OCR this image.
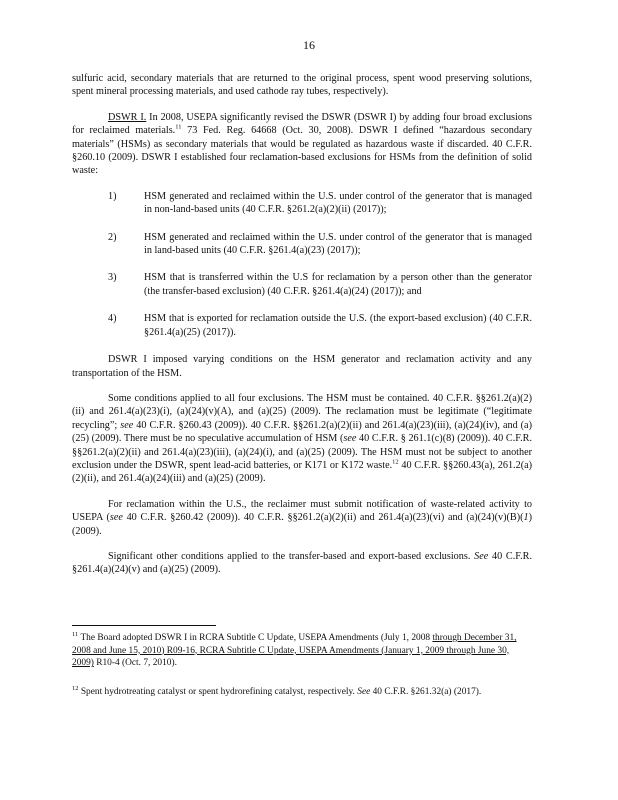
16

sulfuric acid, secondary materials that are returned to the original process, spent wood preserving solutions, spent mineral processing materials, and used cathode ray tubes, respectively).

DSWR I. In 2008, USEPA significantly revised the DSWR (DSWR I) by adding four broad exclusions for reclaimed materials.$^{11}$ 73 Fed. Reg. 64668 (Oct. 30, 2008). DSWR I defined “hazardous secondary materials” (HSMs) as secondary materials that would be regulated as hazardous waste if discarded. 40 C.F.R. §260.10 (2009). DSWR I established four reclamation-based exclusions for HSMs from the definition of solid waste:

1)	HSM generated and reclaimed within the U.S. under control of the generator that is managed in non-land-based units (40 C.F.R. §261.2(a)(2)(ii) (2017));
2)	HSM generated and reclaimed within the U.S. under control of the generator that is managed in land-based units (40 C.F.R. §261.4(a)(23) (2017));
3)	HSM that is transferred within the U.S for reclamation by a person other than the generator (the transfer-based exclusion) (40 C.F.R. §261.4(a)(24) (2017)); and
4)	HSM that is exported for reclamation outside the U.S. (the export-based exclusion) (40 C.F.R. §261.4(a)(25) (2017)).

DSWR I imposed varying conditions on the HSM generator and reclamation activity and any transportation of the HSM.

Some conditions applied to all four exclusions. The HSM must be contained. 40 C.F.R. §§261.2(a)(2)(ii) and 261.4(a)(23)(i), (a)(24)(v)(A), and (a)(25) (2009). The reclamation must be legitimate (“legitimate recycling”; see 40 C.F.R. §260.43 (2009)). 40 C.F.R. §§261.2(a)(2)(ii) and 261.4(a)(23)(iii), (a)(24)(iv), and (a)(25) (2009). There must be no speculative accumulation of HSM (see 40 C.F.R. § 261.1(c)(8) (2009)). 40 C.F.R. §§261.2(a)(2)(ii) and 261.4(a)(23)(iii), (a)(24)(i), and (a)(25) (2009). The HSM must not be subject to another exclusion under the DSWR, spent lead-acid batteries, or K171 or K172 waste.$^{12}$ 40 C.F.R. §§260.43(a), 261.2(a)(2)(ii), and 261.4(a)(24)(iii) and (a)(25) (2009).

For reclamation within the U.S., the reclaimer must submit notification of waste-related activity to USEPA (see 40 C.F.R. §260.42 (2009)). 40 C.F.R. §§261.2(a)(2)(ii) and 261.4(a)(23)(vi) and (a)(24)(v)(B)(1) (2009).

Significant other conditions applied to the transfer-based and export-based exclusions. See 40 C.F.R. §261.4(a)(24)(v) and (a)(25) (2009).

$^{11}$ The Board adopted DSWR I in RCRA Subtitle C Update, USEPA Amendments (July 1, 2008 through December 31, 2008 and June 15, 2010) R09-16, RCRA Subtitle C Update, USEPA Amendments (January 1, 2009 through June 30, 2009) R10-4 (Oct. 7, 2010).
$^{12}$ Spent hydrotreating catalyst or spent hydrorefining catalyst, respectively. See 40 C.F.R. §261.32(a) (2017).
